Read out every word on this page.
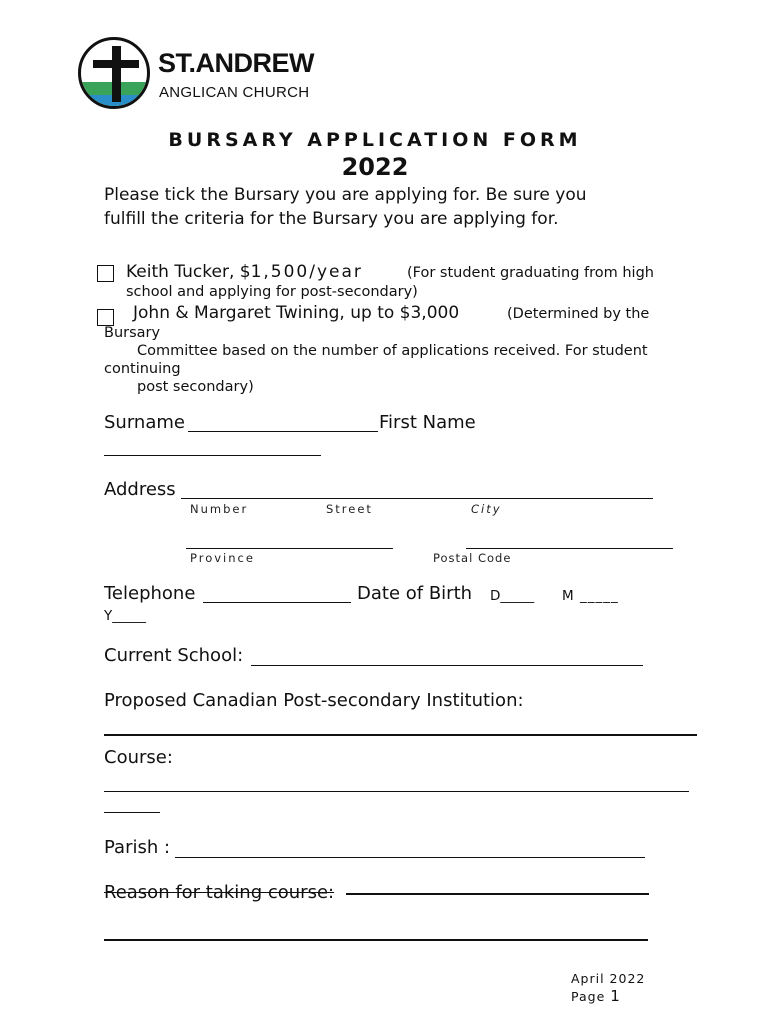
ST.ANDREW
ANGLICAN CHURCH
BURSARY APPLICATION FORM
2022
Please tick the Bursary you are applying for. Be sure you fulfill the criteria for the Bursary you are applying for.
Keith Tucker, $1,500/year	(For student graduating from high
school and applying for post-secondary)
John & Margaret Twining, up to $3,000	(Determined by the
Bursary
Committee based on the number of applications received. For student
continuing
post secondary)
Surname	First Name
Address
Number	Street	City
Province	Postal Code
Telephone	Date of Birth D_____ M _____
Y_____
Current School:
Proposed Canadian Post-secondary Institution:
Course:
Parish :
Reason for taking course:
April 2022
Page 1
